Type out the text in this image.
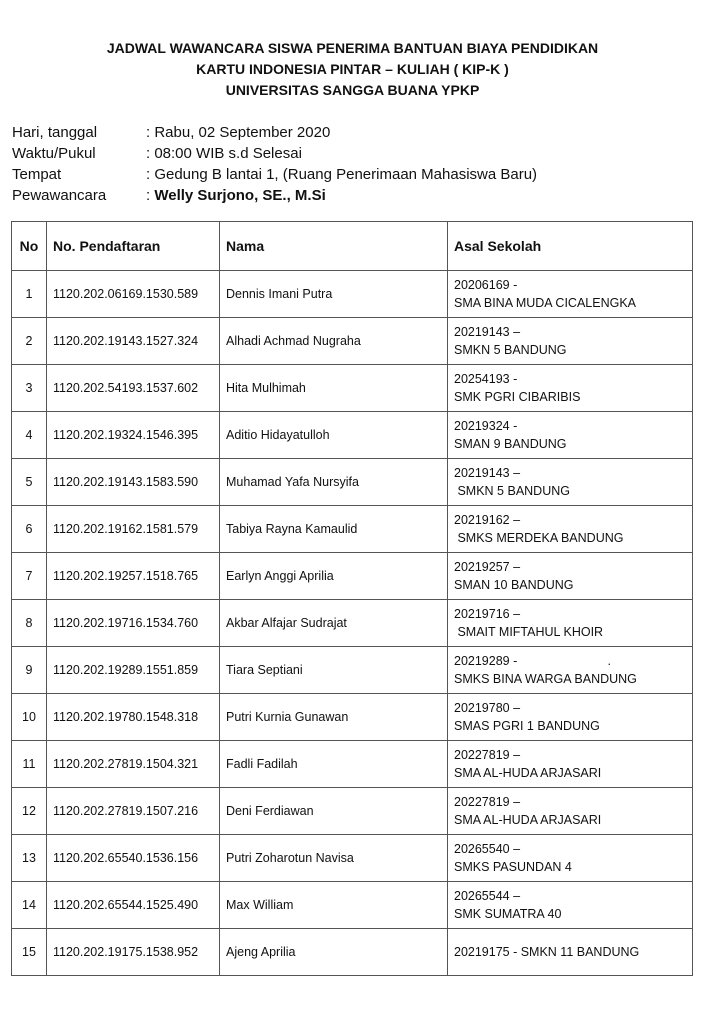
JADWAL WAWANCARA SISWA PENERIMA BANTUAN BIAYA PENDIDIKAN
KARTU INDONESIA PINTAR – KULIAH ( KIP-K )
UNIVERSITAS SANGGA BUANA YPKP
Hari, tanggal	: Rabu, 02 September 2020
Waktu/Pukul	: 08:00 WIB s.d Selesai
Tempat	: Gedung B lantai 1, (Ruang Penerimaan Mahasiswa Baru)
Pewawancara	: Welly Surjono, SE., M.Si
No	No. Pendaftaran	Nama	Asal Sekolah
1	1120.202.06169.1530.589	Dennis Imani Putra	20206169 -
SMA BINA MUDA CICALENGKA

2	1120.202.19143.1527.324	Alhadi Achmad Nugraha	20219143 –
SMKN 5 BANDUNG

3	1120.202.54193.1537.602	Hita Mulhimah	20254193 -
SMK PGRI CIBARIBIS

4	1120.202.19324.1546.395	Aditio Hidayatulloh	20219324 -
SMAN 9 BANDUNG

5	1120.202.19143.1583.590	Muhamad Yafa Nursyifa	20219143 –
SMKN 5 BANDUNG

6	1120.202.19162.1581.579	Tabiya Rayna Kamaulid	20219162 –
SMKS MERDEKA BANDUNG

7	1120.202.19257.1518.765	Earlyn Anggi Aprilia	20219257 –
SMAN 10 BANDUNG

8	1120.202.19716.1534.760	Akbar Alfajar Sudrajat	20219716 –
SMAIT MIFTAHUL KHOIR

9	1120.202.19289.1551.859	Tiara Septiani	20219289 -                          .
SMKS BINA WARGA BANDUNG

10	1120.202.19780.1548.318	Putri Kurnia Gunawan	20219780 –
SMAS PGRI 1 BANDUNG

11	1120.202.27819.1504.321	Fadli Fadilah	20227819 –
SMA AL-HUDA ARJASARI

12	1120.202.27819.1507.216	Deni Ferdiawan	20227819 –
SMA AL-HUDA ARJASARI

13	1120.202.65540.1536.156	Putri Zoharotun Navisa	20265540 –
SMKS PASUNDAN 4

14	1120.202.65544.1525.490	Max William	20265544 –
SMK SUMATRA 40

15	1120.202.19175.1538.952	Ajeng Aprilia	20219175 - SMKN 11 BANDUNG
